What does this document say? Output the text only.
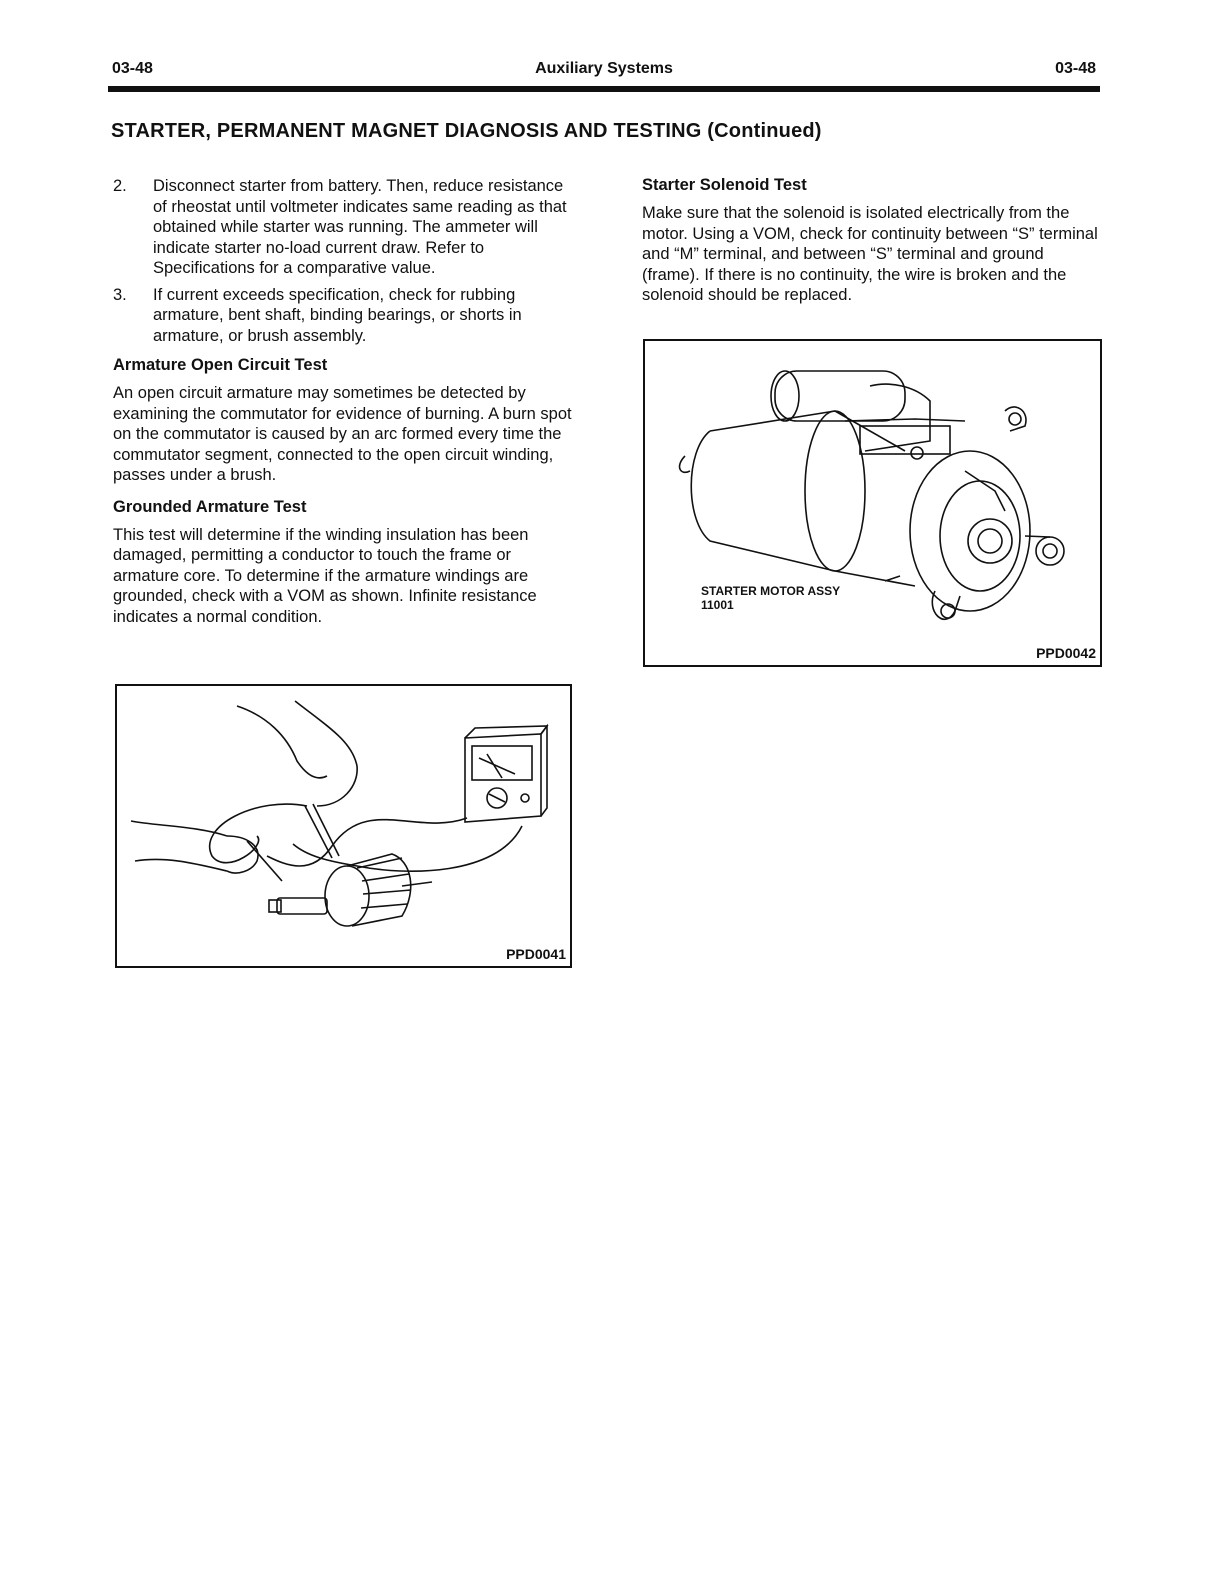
03-48	Auxiliary Systems	03-48
STARTER, PERMANENT MAGNET DIAGNOSIS AND TESTING (Continued)
2.	Disconnect starter from battery. Then, reduce resistance of rheostat until voltmeter indicates same reading as that obtained while starter was running. The ammeter will indicate starter no-load current draw. Refer to Specifications for a comparative value.
3.	If current exceeds specification, check for rubbing armature, bent shaft, binding bearings, or shorts in armature, or brush assembly.
Armature Open Circuit Test

An open circuit armature may sometimes be detected by examining the commutator for evidence of burning. A burn spot on the commutator is caused by an arc formed every time the commutator segment, connected to the open circuit winding, passes under a brush.

Grounded Armature Test

This test will determine if the winding insulation has been damaged, permitting a conductor to touch the frame or armature core. To determine if the armature windings are grounded, check with a VOM as shown. Infinite resistance indicates a normal condition.

PPD0041
Starter Solenoid Test

Make sure that the solenoid is isolated electrically from the motor. Using a VOM, check for continuity between “S” terminal and “M” terminal, and between “S” terminal and ground (frame). If there is no continuity, the wire is broken and the solenoid should be replaced.

STARTER MOTOR ASSY
11001
PPD0042
